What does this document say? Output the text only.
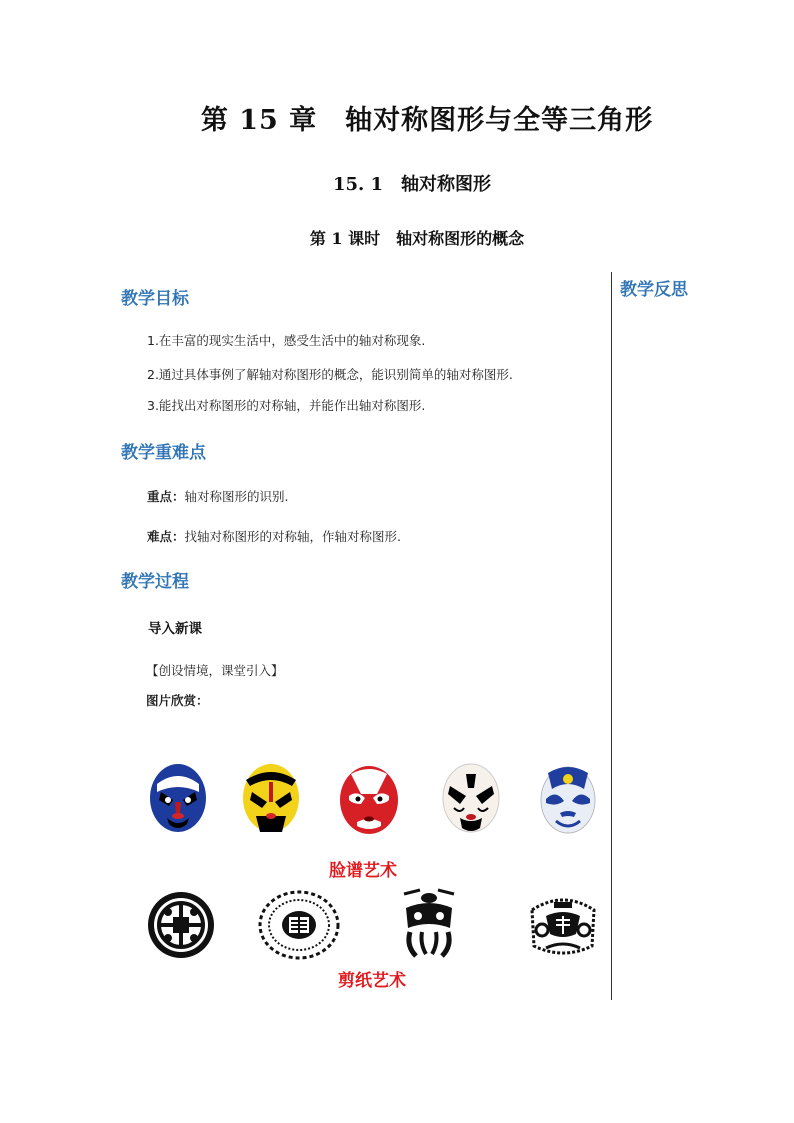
第 15 章　轴对称图形与全等三角形
15. 1　轴对称图形
第 1 课时　轴对称图形的概念
教学反思
教学目标
1.在丰富的现实生活中，感受生活中的轴对称现象.
2.通过具体事例了解轴对称图形的概念，能识别简单的轴对称图形.
3.能找出对称图形的对称轴，并能作出轴对称图形.
教学重难点
重点：轴对称图形的识别.
难点：找轴对称图形的对称轴，作轴对称图形.
教学过程
导入新课
【创设情境，课堂引入】
图片欣赏：
脸谱艺术
剪纸艺术
